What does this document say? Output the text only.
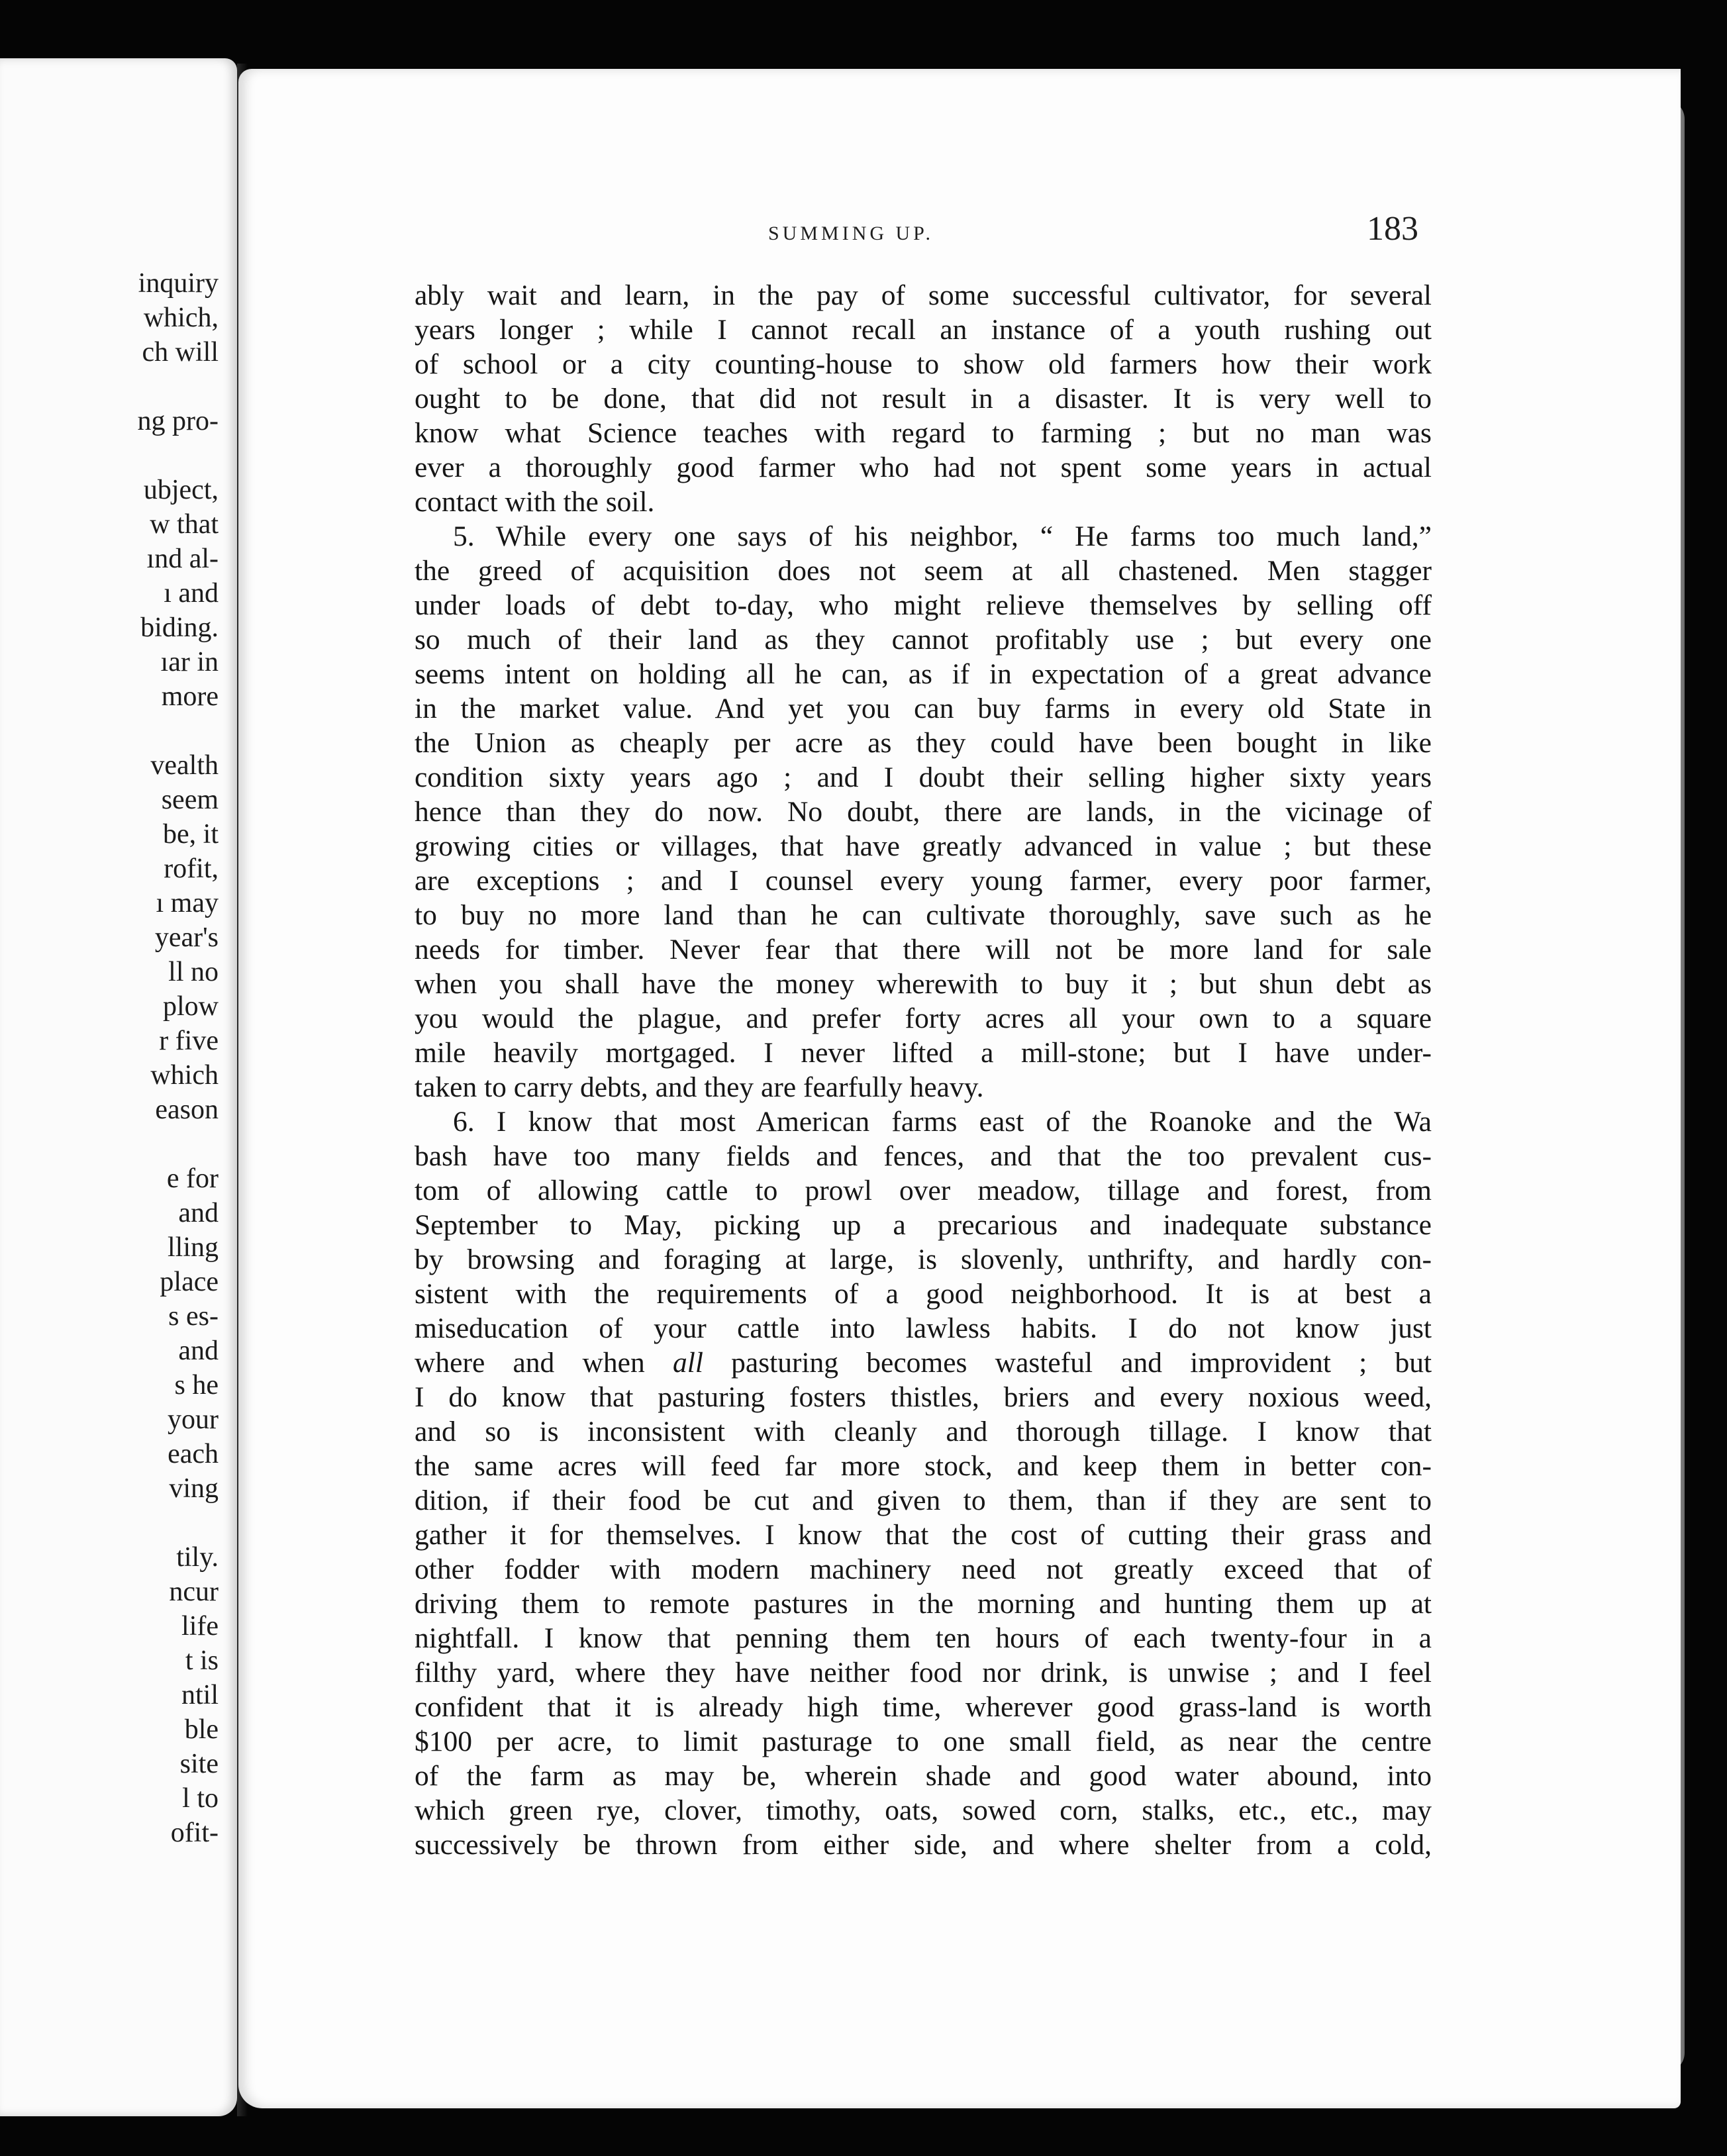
inquiry
which,
ch will
ng pro-
ubject,
w that
ınd al-
ı and
biding.
ıar in
more
vealth
seem
be, it
rofit,
ı may
year's
ll no
plow
r five
which
eason
e for
and
lling
place
s es-
and
s he
your
each
ving
tily.
ncur
life
t is
ntil
ble
site
l to
ofit-
SUMMING UP.	183
ably wait and learn, in the pay of some successful cultivator, for several
years longer ; while I cannot recall an instance of a youth rushing out
of school or a city counting-house to show old farmers how their work
ought to be done, that did not result in a disaster. It is very well to
know what Science teaches with regard to farming ; but no man was
ever a thoroughly good farmer who had not spent some years in actual
contact with the soil.
5. While every one says of his neighbor, “ He farms too much land,”
the greed of acquisition does not seem at all chastened. Men stagger
under loads of debt to-day, who might relieve themselves by selling off
so much of their land as they cannot profitably use ; but every one
seems intent on holding all he can, as if in expectation of a great advance
in the market value. And yet you can buy farms in every old State in
the Union as cheaply per acre as they could have been bought in like
condition sixty years ago ; and I doubt their selling higher sixty years
hence than they do now. No doubt, there are lands, in the vicinage of
growing cities or villages, that have greatly advanced in value ; but these
are exceptions ; and I counsel every young farmer, every poor farmer,
to buy no more land than he can cultivate thoroughly, save such as he
needs for timber. Never fear that there will not be more land for sale
when you shall have the money wherewith to buy it ; but shun debt as
you would the plague, and prefer forty acres all your own to a square
mile heavily mortgaged. I never lifted a mill-stone; but I have under-
taken to carry debts, and they are fearfully heavy.
6. I know that most American farms east of the Roanoke and the Wa
bash have too many fields and fences, and that the too prevalent cus-
tom of allowing cattle to prowl over meadow, tillage and forest, from
September to May, picking up a precarious and inadequate substance
by browsing and foraging at large, is slovenly, unthrifty, and hardly con-
sistent with the requirements of a good neighborhood. It is at best a
miseducation of your cattle into lawless habits. I do not know just
where and when all pasturing becomes wasteful and improvident ; but
I do know that pasturing fosters thistles, briers and every noxious weed,
and so is inconsistent with cleanly and thorough tillage. I know that
the same acres will feed far more stock, and keep them in better con-
dition, if their food be cut and given to them, than if they are sent to
gather it for themselves. I know that the cost of cutting their grass and
other fodder with modern machinery need not greatly exceed that of
driving them to remote pastures in the morning and hunting them up at
nightfall. I know that penning them ten hours of each twenty-four in a
filthy yard, where they have neither food nor drink, is unwise ; and I feel
confident that it is already high time, wherever good grass-land is worth
$100 per acre, to limit pasturage to one small field, as near the centre
of the farm as may be, wherein shade and good water abound, into
which green rye, clover, timothy, oats, sowed corn, stalks, etc., etc., may
successively be thrown from either side, and where shelter from a cold,
